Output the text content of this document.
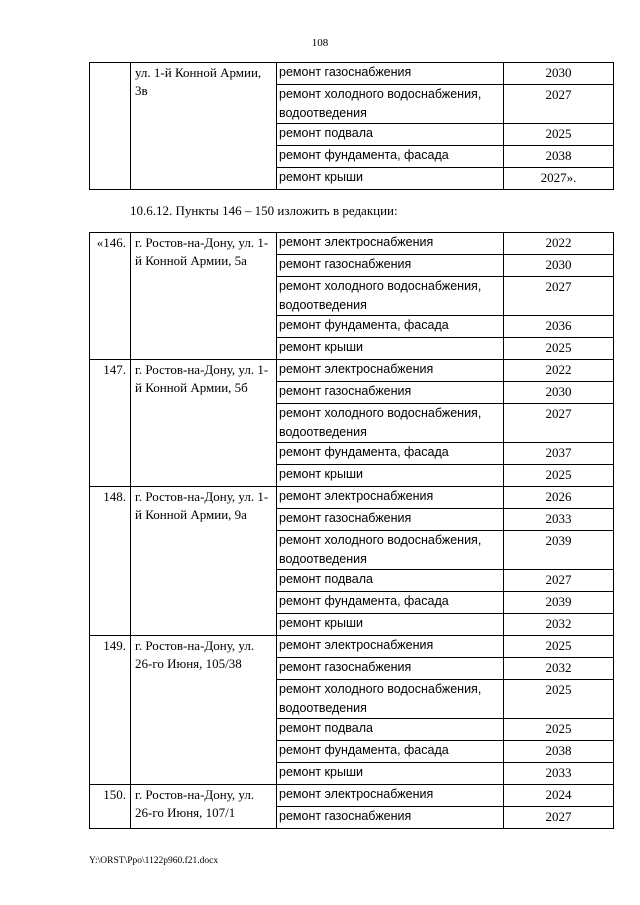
108
	ул. 1-й Конной Армии, 3в	ремонт газоснабжения	2030
		ремонт холодного водоснабжения, водоотведения	2027
		ремонт подвала	2025
		ремонт фундамента, фасада	2038
		ремонт крыши	2027».
10.6.12. Пункты 146 – 150 изложить в редакции:
«146.	г. Ростов-на-Дону, ул. 1-й Конной Армии, 5а	ремонт электроснабжения	2022
		ремонт газоснабжения	2030
		ремонт холодного водоснабжения, водоотведения	2027
		ремонт фундамента, фасада	2036
		ремонт крыши	2025
147.	г. Ростов-на-Дону, ул. 1-й Конной Армии, 5б	ремонт электроснабжения	2022
		ремонт газоснабжения	2030
		ремонт холодного водоснабжения, водоотведения	2027
		ремонт фундамента, фасада	2037
		ремонт крыши	2025
148.	г. Ростов-на-Дону, ул. 1-й Конной Армии, 9а	ремонт электроснабжения	2026
		ремонт газоснабжения	2033
		ремонт холодного водоснабжения, водоотведения	2039
		ремонт подвала	2027
		ремонт фундамента, фасада	2039
		ремонт крыши	2032
149.	г. Ростов-на-Дону, ул. 26-го Июня, 105/38	ремонт электроснабжения	2025
		ремонт газоснабжения	2032
		ремонт холодного водоснабжения, водоотведения	2025
		ремонт подвала	2025
		ремонт фундамента, фасада	2038
		ремонт крыши	2033
150.	г. Ростов-на-Дону, ул. 26-го Июня, 107/1	ремонт электроснабжения	2024
		ремонт газоснабжения	2027
Y:\ORST\Ppo\1122p960.f21.docx
